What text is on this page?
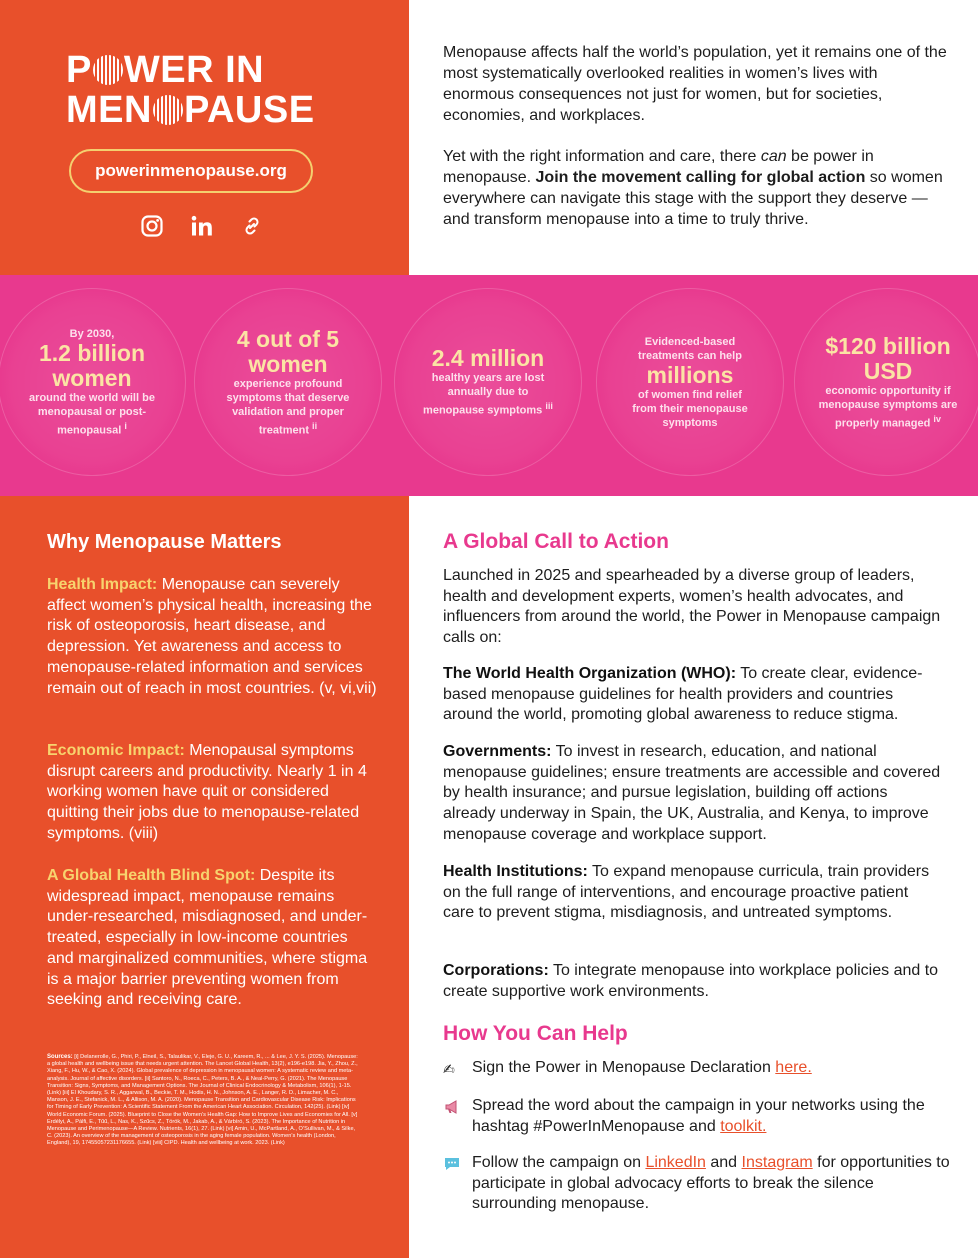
P WER IN
MEN PAUSE
powerinmenopause.org

Menopause affects half the world’s population, yet it remains one of the most systematically overlooked realities in women’s lives with enormous consequences not just for women, but for societies, economies, and workplaces.

Yet with the right information and care, there can be power in menopause. Join the movement calling for global action so women everywhere can navigate this stage with the support they deserve — and transform menopause into a time to truly thrive.

By 2030,
1.2 billion women
around the world will be menopausal or post-menopausal $^i$
4 out of 5 women
experience profound symptoms that deserve validation and proper treatment $^{ii}$
2.4 million
healthy years are lost annually due to menopause symptoms $^{iii}$
Evidenced-based treatments can help
millions
of women find relief from their menopause symptoms
$120 billion USD
economic opportunity if menopause symptoms are properly managed $^{iv}$
Why Menopause Matters
Health Impact: Menopause can severely affect women’s physical health, increasing the risk of osteoporosis, heart disease, and depression. Yet awareness and access to menopause-related information and services remain out of reach in most countries. (v, vi,vii)
Economic Impact: Menopausal symptoms disrupt careers and productivity. Nearly 1 in 4 working women have quit or considered quitting their jobs due to menopause-related symptoms. (viii)
A Global Health Blind Spot: Despite its widespread impact, menopause remains under-researched, misdiagnosed, and under-treated, especially in low-income countries and marginalized communities, where stigma is a major barrier preventing women from seeking and receiving care.
Sources: [i] Delanerolle, G., Phiri, P., Elneil, S., Talaulikar, V., Eleje, G. U., Kareem, R., ... & Lee, J. Y. S. (2025). Menopause: a global health and wellbeing issue that needs urgent attention. The Lancet Global Health, 13(2), e196-e198. Jia, Y., Zhou, Z., Xiang, F., Hu, W., & Cao, X. (2024). Global prevalence of depression in menopausal women: A systematic review and meta-analysis. Journal of affective disorders. [ii] Santoro, N., Roeca, C., Peters, B. A., & Neal-Perry, G. (2021). The Menopause Transition: Signs, Symptoms, and Management Options. The Journal of Clinical Endocrinology & Metabolism, 106(1), 1-15. (Link) [iii] El Khoudary, S. R., Aggarwal, B., Beckie, T. M., Hodis, H. N., Johnson, A. E., Langer, R. D., Limacher, M. C., Manson, J. E., Stefanick, M. L., & Allison, M. A. (2020). Menopause Transition and Cardiovascular Disease Risk: Implications for Timing of Early Prevention: A Scientific Statement From the American Heart Association. Circulation, 142(25). (Link) [iv] World Economic Forum. (2025). Blueprint to Close the Women’s Health Gap: How to Improve Lives and Economies for All. [v] Erdélyi, A., Pálfi, E., Tűű, L., Nas, K., Szűcs, Z., Török, M., Jakab, A., & Várbíró, S. (2023). The Importance of Nutrition in Menopause and Perimenopause—A Review. Nutrients, 16(1), 27. (Link) [vi] Amin, U., McPartland, A., O’Sullivan, M., & Silke, C. (2023). An overview of the management of osteoporosis in the aging female population. Women’s health (London, England), 19, 17455057231176655. (Link) [viii] CIPD. Health and wellbeing at work. 2023. (Link)
A Global Call to Action
Launched in 2025 and spearheaded by a diverse group of leaders, health and development experts, women’s health advocates, and influencers from around the world, the Power in Menopause campaign calls on:
The World Health Organization (WHO): To create clear, evidence-based menopause guidelines for health providers and countries around the world, promoting global awareness to reduce stigma.
Governments: To invest in research, education, and national menopause guidelines; ensure treatments are accessible and covered by health insurance; and pursue legislation, building off actions already underway in Spain, the UK, Australia, and Kenya, to improve menopause coverage and workplace support.
Health Institutions: To expand menopause curricula, train providers on the full range of interventions, and encourage proactive patient care to prevent stigma, misdiagnosis, and untreated symptoms.
Corporations: To integrate menopause into workplace policies and to create supportive work environments.
How You Can Help
✍	Sign the Power in Menopause Declaration here.
Spread the word about the campaign in your networks using the hashtag #PowerInMenopause and toolkit.
Follow the campaign on LinkedIn and Instagram for opportunities to participate in global advocacy efforts to break the silence surrounding menopause.
